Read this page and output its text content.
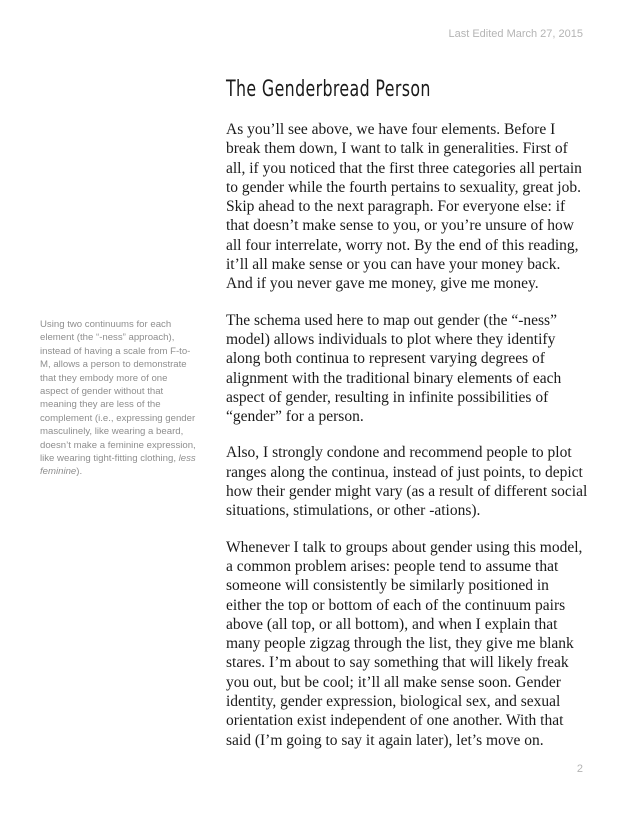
Last Edited March 27, 2015
The Genderbread Person

As you’ll see above, we have four elements. Before I break them down, I want to talk in generalities. First of all, if you noticed that the first three categories all pertain to gender while the fourth pertains to sexuality, great job. Skip ahead to the next paragraph. For everyone else: if that doesn’t make sense to you, or you’re unsure of how all four interrelate, worry not. By the end of this reading, it’ll all make sense or you can have your money back. And if you never gave me money, give me money.

The schema used here to map out gender (the “-ness” model) allows individuals to plot where they identify along both continua to represent varying degrees of alignment with the traditional binary elements of each aspect of gender, resulting in infinite possibilities of “gender” for a person.

Also, I strongly condone and recommend people to plot ranges along the continua, instead of just points, to depict how their gender might vary (as a result of different social situations, stimulations, or other -ations).

Whenever I talk to groups about gender using this model, a common problem arises: people tend to assume that someone will consistently be similarly positioned in either the top or bottom of each of the continuum pairs above (all top, or all bottom), and when I explain that many people zigzag through the list, they give me blank stares. I’m about to say something that will likely freak you out, but be cool; it’ll all make sense soon. Gender identity, gender expression, biological sex, and sexual orientation exist independent of one another. With that said (I’m going to say it again later), let’s move on.

Using two continuums for each element (the “-ness” approach), instead of having a scale from F-to-M, allows a person to demonstrate that they embody more of one aspect of gender without that meaning they are less of the complement (i.e., expressing gender masculinely, like wearing a beard, doesn’t make a feminine expression, like wearing tight-fitting clothing, less feminine).
2
